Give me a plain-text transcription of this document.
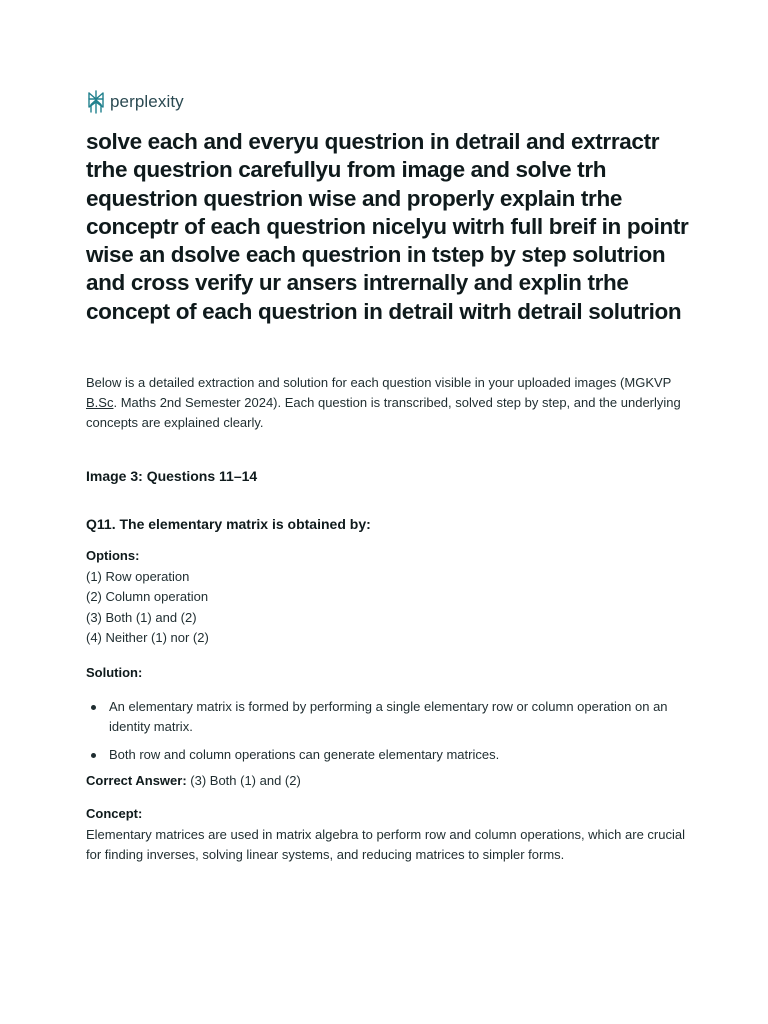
perplexity
solve each and everyu questrion in detrail and extrractr trhe questrion carefullyu from image and solve trh equestrion questrion wise and properly explain trhe conceptr of each questrion nicelyu witrh full breif in pointr wise an dsolve each questrion in tstep by step solutrion and cross verify ur ansers intrernally and explin trhe concept of each questrion in detrail witrh detrail solutrion

Below is a detailed extraction and solution for each question visible in your uploaded images (MGKVP B.Sc. Maths 2nd Semester 2024). Each question is transcribed, solved step by step, and the underlying concepts are explained clearly.

Image 3: Questions 11–14
Q11. The elementary matrix is obtained by:

Options:

(1) Row operation
(2) Column operation
(3) Both (1) and (2)
(4) Neither (1) nor (2)

Solution:

An elementary matrix is formed by performing a single elementary row or column operation on an identity matrix.
Both row and column operations can generate elementary matrices.

Correct Answer: (3) Both (1) and (2)

Concept:

Elementary matrices are used in matrix algebra to perform row and column operations, which are crucial for finding inverses, solving linear systems, and reducing matrices to simpler forms.
